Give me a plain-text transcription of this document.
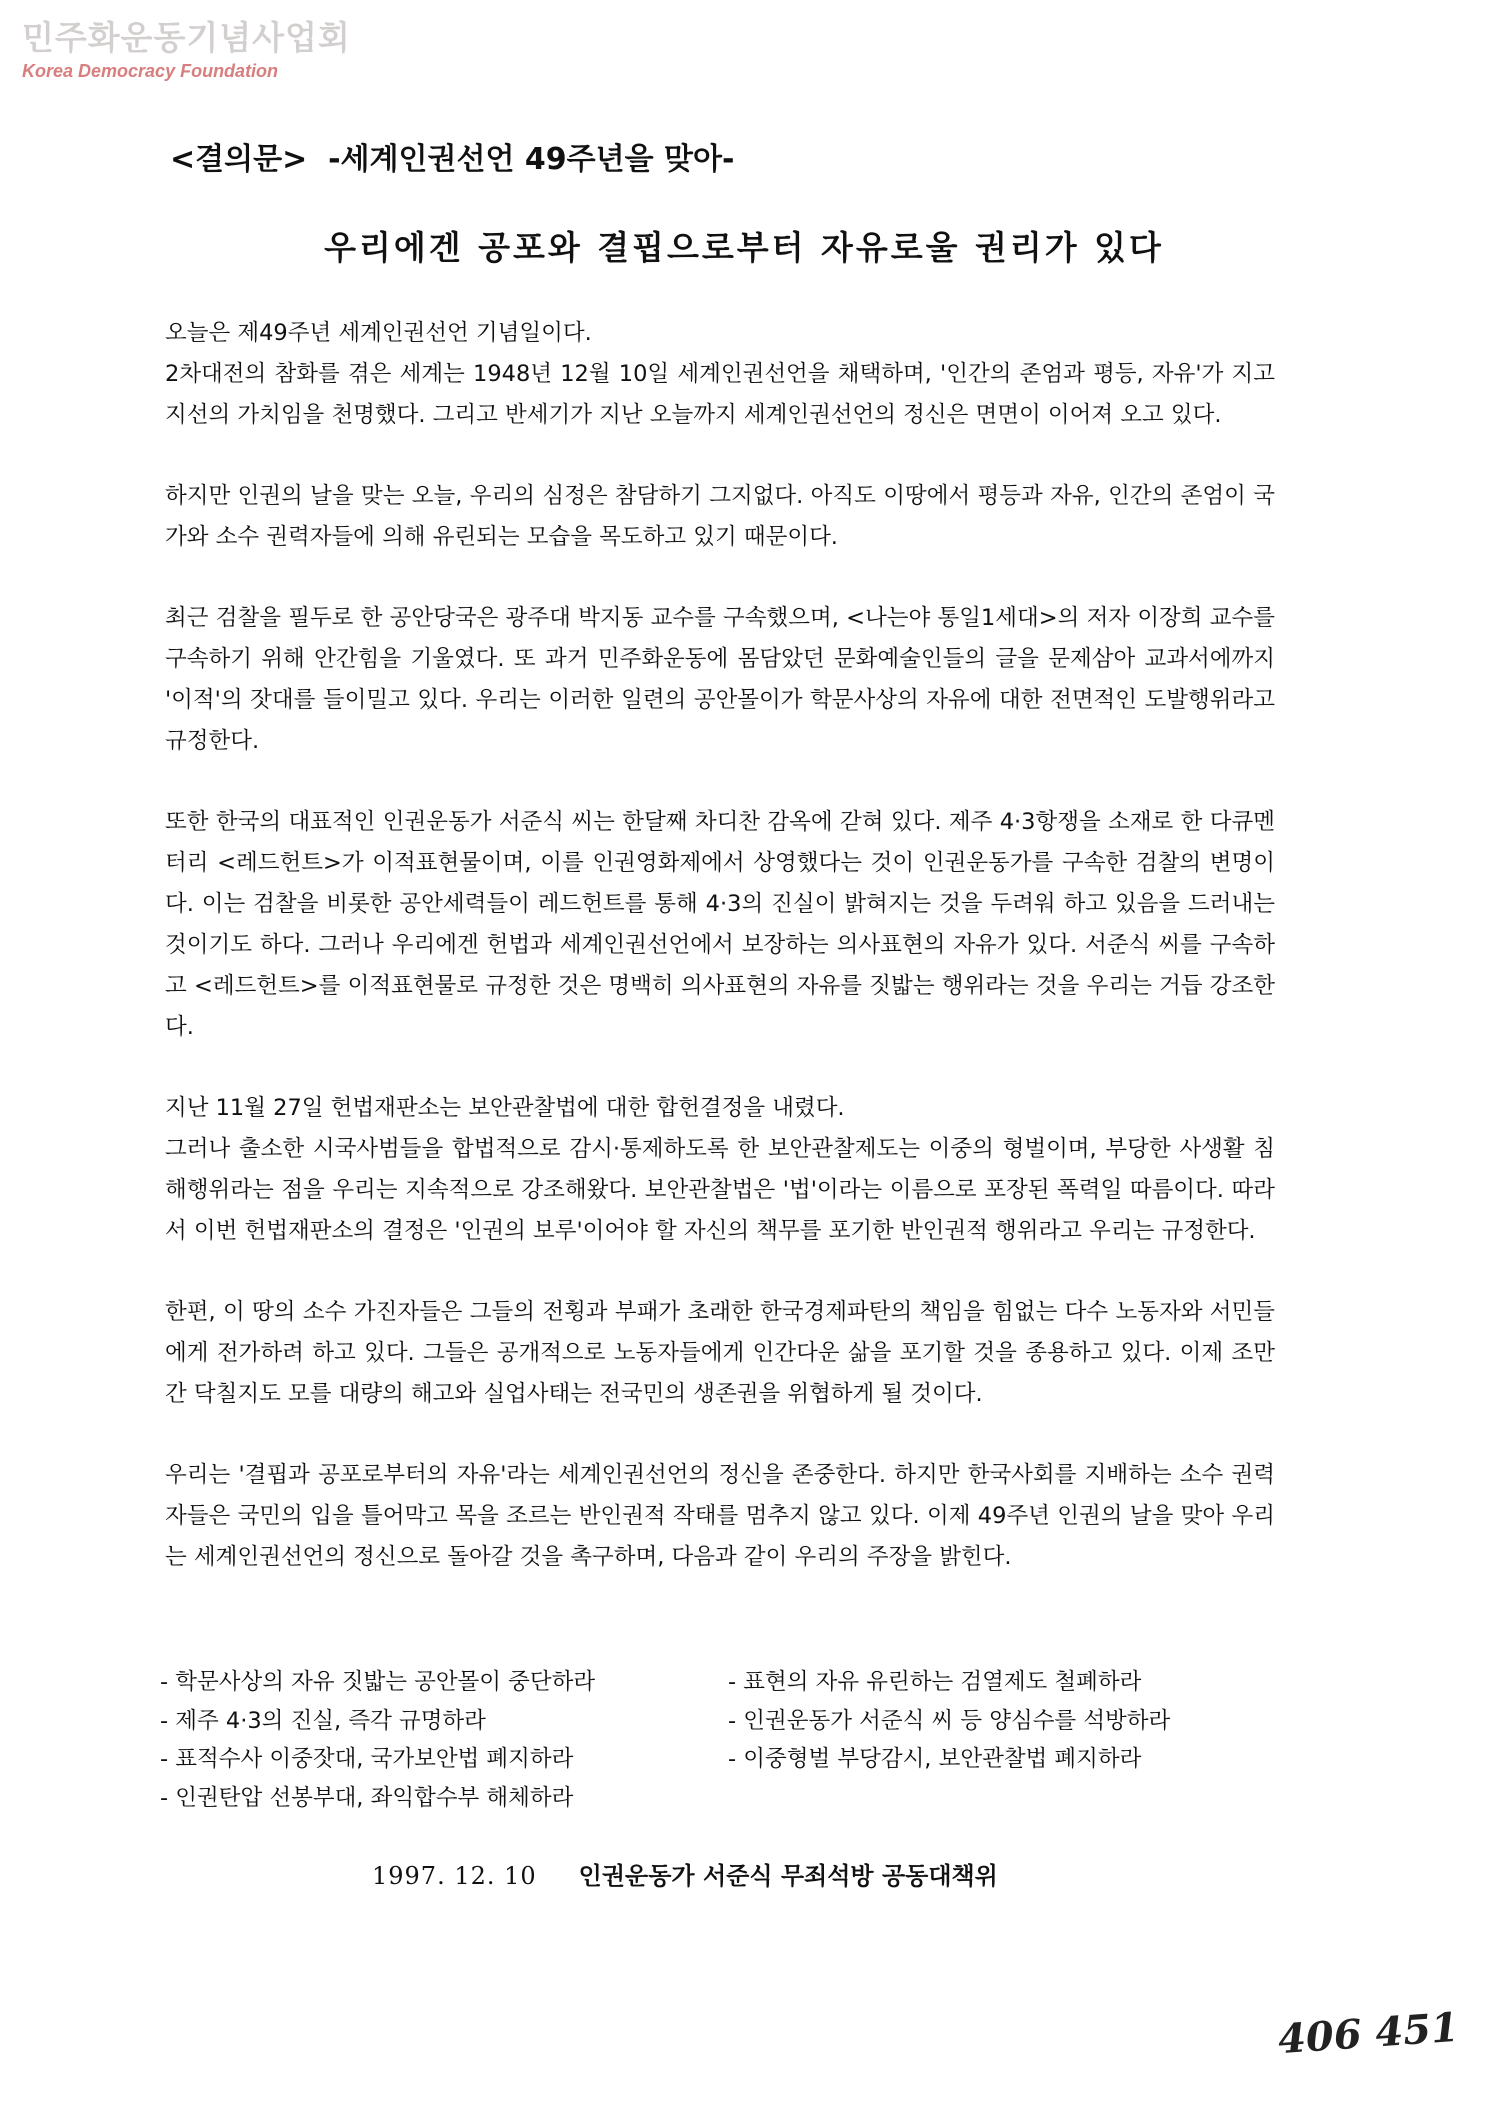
민주화운동기념사업회
Korea Democracy Foundation
<결의문>  -세계인권선언 49주년을 맞아-
우리에겐 공포와 결핍으로부터 자유로울 권리가 있다

오늘은 제49주년 세계인권선언 기념일이다.
2차대전의 참화를 겪은 세계는 1948년 12월 10일 세계인권선언을 채택하며, '인간의 존엄과 평등, 자유'가 지고지선의 가치임을 천명했다. 그리고 반세기가 지난 오늘까지 세계인권선언의 정신은 면면이 이어져 오고 있다.

하지만 인권의 날을 맞는 오늘, 우리의 심정은 참담하기 그지없다. 아직도 이땅에서 평등과 자유, 인간의 존엄이 국가와 소수 권력자들에 의해 유린되는 모습을 목도하고 있기 때문이다.

최근 검찰을 필두로 한 공안당국은 광주대 박지동 교수를 구속했으며, <나는야 통일1세대>의 저자 이장희 교수를 구속하기 위해 안간힘을 기울였다. 또 과거 민주화운동에 몸담았던 문화예술인들의 글을 문제삼아 교과서에까지 '이적'의 잣대를 들이밀고 있다. 우리는 이러한 일련의 공안몰이가 학문사상의 자유에 대한 전면적인 도발행위라고 규정한다.

또한 한국의 대표적인 인권운동가 서준식 씨는 한달째 차디찬 감옥에 갇혀 있다. 제주 4·3항쟁을 소재로 한 다큐멘터리 <레드헌트>가 이적표현물이며, 이를 인권영화제에서 상영했다는 것이 인권운동가를 구속한 검찰의 변명이다. 이는 검찰을 비롯한 공안세력들이 레드헌트를 통해 4·3의 진실이 밝혀지는 것을 두려워 하고 있음을 드러내는 것이기도 하다. 그러나 우리에겐 헌법과 세계인권선언에서 보장하는 의사표현의 자유가 있다. 서준식 씨를 구속하고 <레드헌트>를 이적표현물로 규정한 것은 명백히 의사표현의 자유를 짓밟는 행위라는 것을 우리는 거듭 강조한다.

지난 11월 27일 헌법재판소는 보안관찰법에 대한 합헌결정을 내렸다.
그러나 출소한 시국사범들을 합법적으로 감시·통제하도록 한 보안관찰제도는 이중의 형벌이며, 부당한 사생활 침해행위라는 점을 우리는 지속적으로 강조해왔다. 보안관찰법은 '법'이라는 이름으로 포장된 폭력일 따름이다. 따라서 이번 헌법재판소의 결정은 '인권의 보루'이어야 할 자신의 책무를 포기한 반인권적 행위라고 우리는 규정한다.

한편, 이 땅의 소수 가진자들은 그들의 전횡과 부패가 초래한 한국경제파탄의 책임을 힘없는 다수 노동자와 서민들에게 전가하려 하고 있다. 그들은 공개적으로 노동자들에게 인간다운 삶을 포기할 것을 종용하고 있다. 이제 조만간 닥칠지도 모를 대량의 해고와 실업사태는 전국민의 생존권을 위협하게 될 것이다.

우리는 '결핍과 공포로부터의 자유'라는 세계인권선언의 정신을 존중한다. 하지만 한국사회를 지배하는 소수 권력자들은 국민의 입을 틀어막고 목을 조르는 반인권적 작태를 멈추지 않고 있다. 이제 49주년 인권의 날을 맞아 우리는 세계인권선언의 정신으로 돌아갈 것을 촉구하며, 다음과 같이 우리의 주장을 밝힌다.

- 학문사상의 자유 짓밟는 공안몰이 중단하라	- 표현의 자유 유린하는 검열제도 철폐하라
- 제주 4·3의 진실, 즉각 규명하라	- 인권운동가 서준식 씨 등 양심수를 석방하라
- 표적수사 이중잣대, 국가보안법 폐지하라	- 이중형벌 부당감시, 보안관찰법 폐지하라
- 인권탄압 선봉부대, 좌익합수부 해체하라
1997. 12. 10 인권운동가 서준식 무죄석방 공동대책위
406 451
